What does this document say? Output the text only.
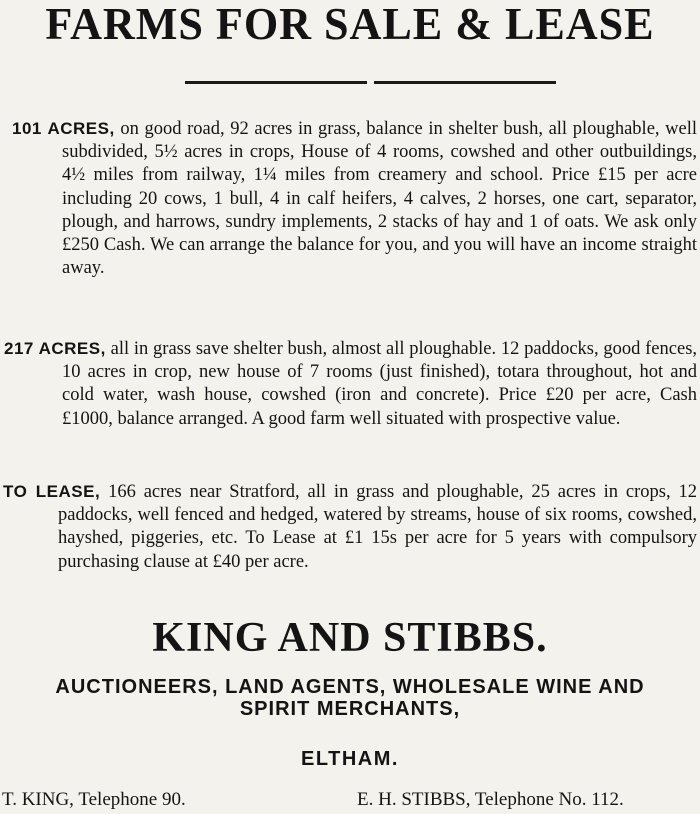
FARMS FOR SALE & LEASE
101 ACRES, on good road, 92 acres in grass, balance in shelter bush, all ploughable, well subdivided, 5½ acres in crops, House of 4 rooms, cowshed and other outbuildings, 4½ miles from railway, 1¼ miles from creamery and school. Price £15 per acre including 20 cows, 1 bull, 4 in calf heifers, 4 calves, 2 horses, one cart, separator, plough, and harrows, sundry implements, 2 stacks of hay and 1 of oats. We ask only £250 Cash. We can arrange the balance for you, and you will have an income straight away.
217 ACRES, all in grass save shelter bush, almost all ploughable. 12 paddocks, good fences, 10 acres in crop, new house of 7 rooms (just finished), totara throughout, hot and cold water, wash house, cowshed (iron and concrete). Price £20 per acre, Cash £1000, balance arranged. A good farm well situated with prospective value.
TO LEASE, 166 acres near Stratford, all in grass and ploughable, 25 acres in crops, 12 paddocks, well fenced and hedged, watered by streams, house of six rooms, cowshed, hayshed, piggeries, etc. To Lease at £1 15s per acre for 5 years with compulsory purchasing clause at £40 per acre.
KING AND STIBBS.
AUCTIONEERS, LAND AGENTS, WHOLESALE WINE AND
SPIRIT MERCHANTS,
ELTHAM.
T. KING, Telephone 90.	E. H. STIBBS, Telephone No. 112.
